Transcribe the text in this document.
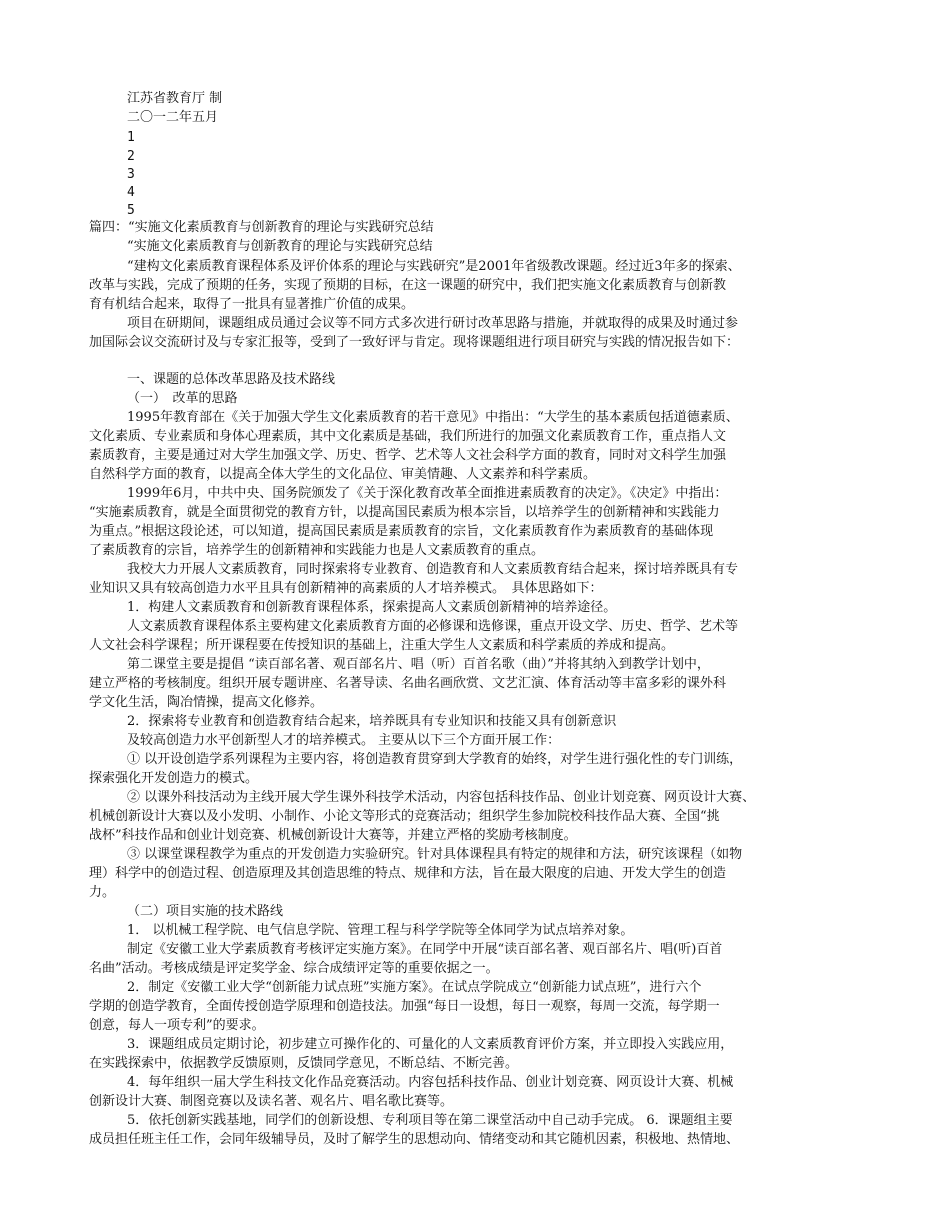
江苏省教育厅 制
二〇一二年五月
1
2
3
4
5
篇四：“实施文化素质教育与创新教育的理论与实践研究总结
“实施文化素质教育与创新教育的理论与实践研究总结
“建构文化素质教育课程体系及评价体系的理论与实践研究”是2001年省级教改课题。经过近3年多的探索、
改革与实践，完成了预期的任务，实现了预期的目标，在这一课题的研究中，我们把实施文化素质教育与创新教
育有机结合起来，取得了一批具有显著推广价值的成果。
项目在研期间，课题组成员通过会议等不同方式多次进行研讨改革思路与措施，并就取得的成果及时通过参
加国际会议交流研讨及与专家汇报等，受到了一致好评与肯定。现将课题组进行项目研究与实践的情况报告如下：
一、课题的总体改革思路及技术路线
（一）　改革的思路
1995年教育部在《关于加强大学生文化素质教育的若干意见》中指出：“大学生的基本素质包括道德素质、
文化素质、专业素质和身体心理素质，其中文化素质是基础，我们所进行的加强文化素质教育工作，重点指人文
素质教育，主要是通过对大学生加强文学、历史、哲学、艺术等人文社会科学方面的教育，同时对文科学生加强
自然科学方面的教育，以提高全体大学生的文化品位、审美情趣、人文素养和科学素质。
1999年6月，中共中央、国务院颁发了《关于深化教育改革全面推进素质教育的决定》。《决定》中指出：
“实施素质教育，就是全面贯彻党的教育方针，以提高国民素质为根本宗旨，以培养学生的创新精神和实践能力
为重点。”根据这段论述，可以知道，提高国民素质是素质教育的宗旨，文化素质教育作为素质教育的基础体现
了素质教育的宗旨，培养学生的创新精神和实践能力也是人文素质教育的重点。
我校大力开展人文素质教育，同时探索将专业教育、创造教育和人文素质教育结合起来，探讨培养既具有专
业知识又具有较高创造力水平且具有创新精神的高素质的人才培养模式。　具体思路如下：
1．构建人文素质教育和创新教育课程体系，探索提高人文素质创新精神的培养途径。
人文素质教育课程体系主要构建文化素质教育方面的必修课和选修课，重点开设文学、历史、哲学、艺术等
人文社会科学课程；所开课程要在传授知识的基础上，注重大学生人文素质和科学素质的养成和提高。
第二课堂主要是提倡 “读百部名著、观百部名片、唱（听）百首名歌（曲）”并将其纳入到教学计划中，
建立严格的考核制度。组织开展专题讲座、名著导读、名曲名画欣赏、文艺汇演、体育活动等丰富多彩的课外科
学文化生活，陶冶情操，提高文化修养。
2．探索将专业教育和创造教育结合起来，培养既具有专业知识和技能又具有创新意识
及较高创造力水平创新型人才的培养模式。 主要从以下三个方面开展工作：
① 以开设创造学系列课程为主要内容，将创造教育贯穿到大学教育的始终，对学生进行强化性的专门训练，
探索强化开发创造力的模式。
② 以课外科技活动为主线开展大学生课外科技学术活动，内容包括科技作品、创业计划竞赛、网页设计大赛、
机械创新设计大赛以及小发明、小制作、小论文等形式的竞赛活动；组织学生参加院校科技作品大赛、全国“挑
战杯”科技作品和创业计划竞赛、机械创新设计大赛等，并建立严格的奖励考核制度。
③ 以课堂课程教学为重点的开发创造力实验研究。针对具体课程具有特定的规律和方法，研究该课程（如物
理）科学中的创造过程、创造原理及其创造思维的特点、规律和方法，旨在最大限度的启迪、开发大学生的创造
力。
（二）项目实施的技术路线
1． 以机械工程学院、电气信息学院、管理工程与科学学院等全体同学为试点培养对象。
制定《安徽工业大学素质教育考核评定实施方案》。在同学中开展“读百部名著、观百部名片、唱(听)百首
名曲”活动。考核成绩是评定奖学金、综合成绩评定等的重要依据之一。
2．制定《安徽工业大学“创新能力试点班”实施方案》。在试点学院成立“创新能力试点班”，进行六个
学期的创造学教育，全面传授创造学原理和创造技法。加强“每日一设想，每日一观察，每周一交流，每学期一
创意，每人一项专利”的要求。
3．课题组成员定期讨论，初步建立可操作化的、可量化的人文素质教育评价方案，并立即投入实践应用，
在实践探索中，依据教学反馈原则，反馈同学意见，不断总结、不断完善。
4．每年组织一届大学生科技文化作品竞赛活动。内容包括科技作品、创业计划竞赛、网页设计大赛、机械
创新设计大赛、制图竞赛以及读名著、观名片、唱名歌比赛等。
5．依托创新实践基地，同学们的创新设想、专利项目等在第二课堂活动中自己动手完成。 6．课题组主要
成员担任班主任工作，会同年级辅导员，及时了解学生的思想动向、情绪变动和其它随机因素，积极地、热情地、
